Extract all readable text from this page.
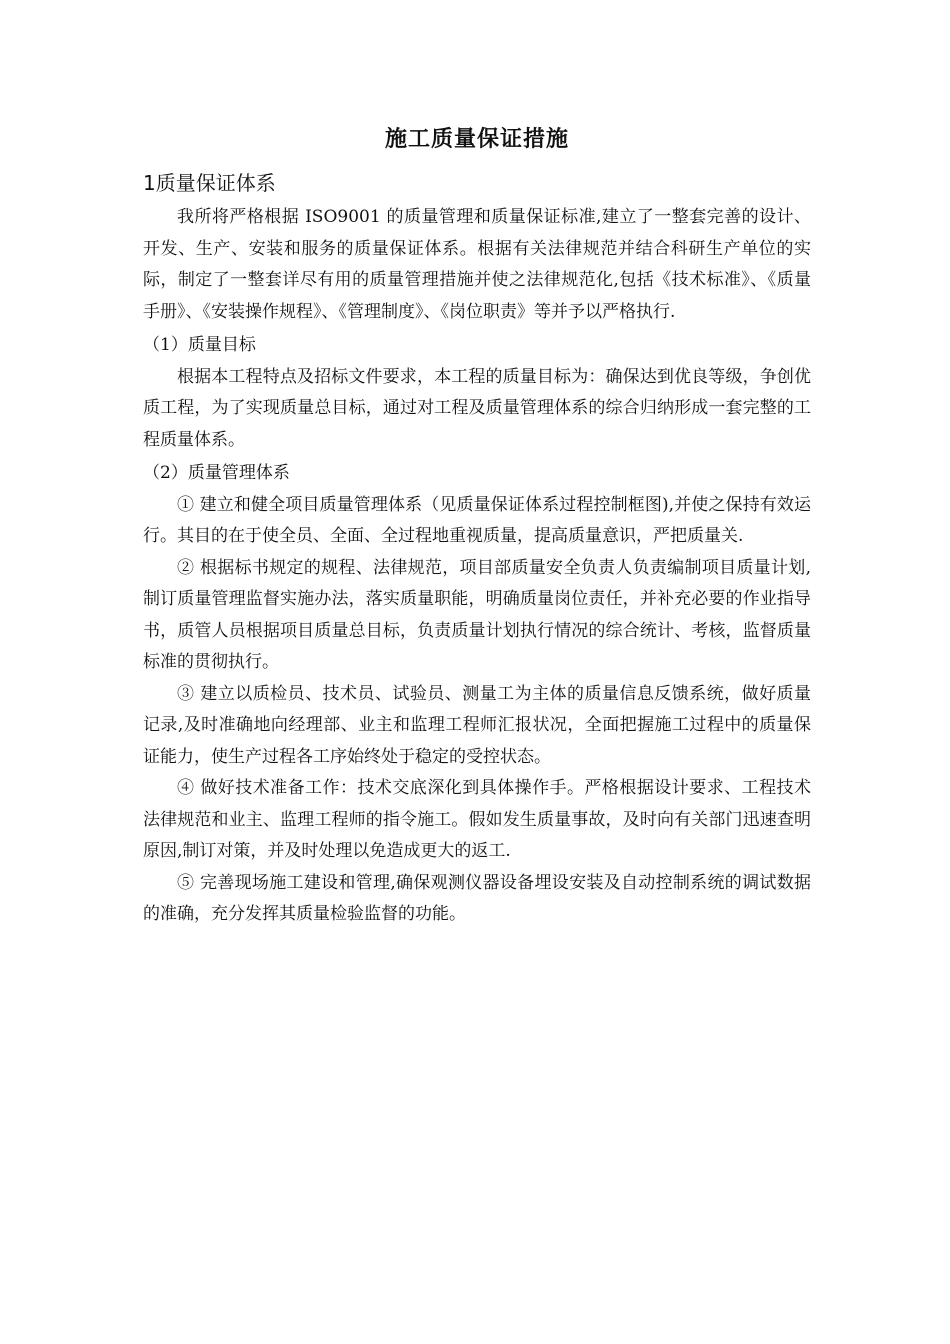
施工质量保证措施
1质量保证体系

我所将严格根据 ISO9001 的质量管理和质量保证标准,建立了一整套完善的设计、开发、生产、安装和服务的质量保证体系。根据有关法律规范并结合科研生产单位的实际，制定了一整套详尽有用的质量管理措施并使之法律规范化,包括《技术标准》、《质量手册》、《安装操作规程》、《管理制度》、《岗位职责》等并予以严格执行.

（1）质量目标

根据本工程特点及招标文件要求，本工程的质量目标为：确保达到优良等级，争创优质工程，为了实现质量总目标，通过对工程及质量管理体系的综合归纳形成一套完整的工程质量体系。

（2）质量管理体系

① 建立和健全项目质量管理体系（见质量保证体系过程控制框图),并使之保持有效运行。其目的在于使全员、全面、全过程地重视质量，提高质量意识，严把质量关.

② 根据标书规定的规程、法律规范，项目部质量安全负责人负责编制项目质量计划,制订质量管理监督实施办法，落实质量职能，明确质量岗位责任，并补充必要的作业指导书，质管人员根据项目质量总目标，负责质量计划执行情况的综合统计、考核，监督质量标准的贯彻执行。

③ 建立以质检员、技术员、试验员、测量工为主体的质量信息反馈系统，做好质量记录,及时准确地向经理部、业主和监理工程师汇报状况，全面把握施工过程中的质量保证能力，使生产过程各工序始终处于稳定的受控状态。

④ 做好技术准备工作：技术交底深化到具体操作手。严格根据设计要求、工程技术法律规范和业主、监理工程师的指令施工。假如发生质量事故，及时向有关部门迅速查明原因,制订对策，并及时处理以免造成更大的返工.

⑤ 完善现场施工建设和管理,确保观测仪器设备埋设安装及自动控制系统的调试数据的准确，充分发挥其质量检验监督的功能。
